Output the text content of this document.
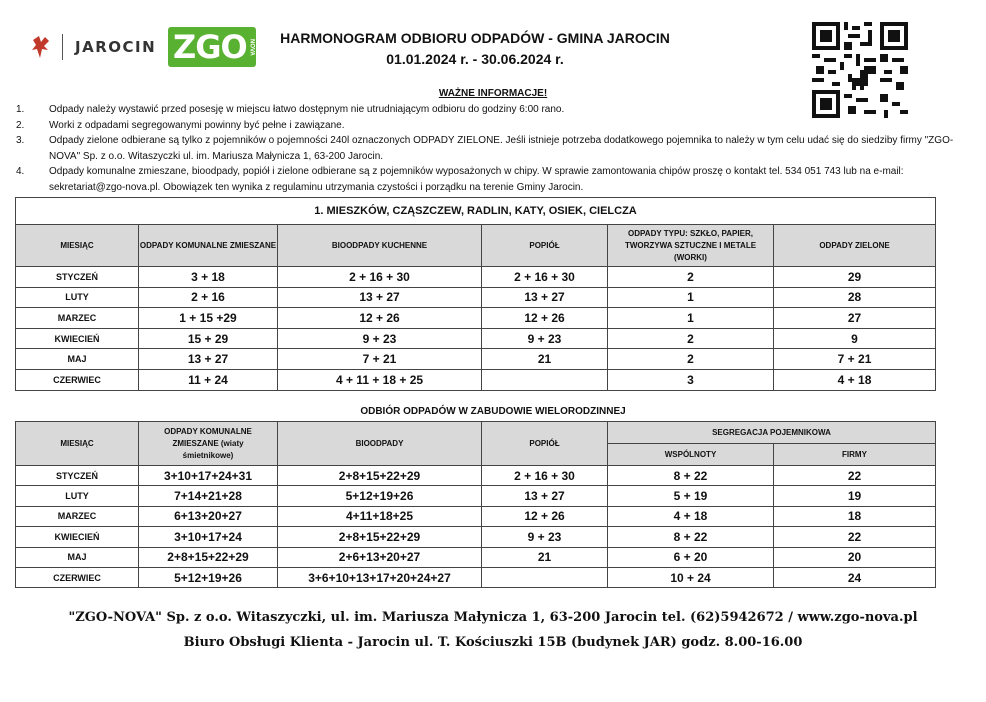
JAROCIN ZGO NOVA
HARMONOGRAM ODBIORU ODPADÓW - GMINA JAROCIN
01.01.2024 r. - 30.06.2024 r.
WAŻNE INFORMACJE!
1.	Odpady należy wystawić przed posesję w miejscu łatwo dostępnym nie utrudniającym odbioru do godziny 6:00 rano.
2.	Worki z odpadami segregowanymi powinny być pełne i zawiązane.
3.	Odpady zielone odbierane są tylko z pojemników o pojemności 240l oznaczonych ODPADY ZIELONE. Jeśli istnieje potrzeba dodatkowego pojemnika to należy w tym celu udać się do siedziby firmy "ZGO-NOVA" Sp. z o.o. Witaszyczki ul. im. Mariusza Małynicza 1, 63-200 Jarocin.
4.	Odpady komunalne zmieszane, bioodpady, popiół i zielone odbierane są z pojemników wyposażonych w chipy. W sprawie zamontowania chipów proszę o kontakt tel. 534 051 743 lub na e-mail: sekretariat@zgo-nova.pl. Obowiązek ten wynika z regulaminu utrzymania czystości i porządku na terenie Gminy Jarocin.
1. MIESZKÓW, CZĄSZCZEW, RADLIN, KATY, OSIEK, CIELCZA					
MIESIĄC	ODPADY KOMUNALNE ZMIESZANE	BIOODPADY KUCHENNE	POPIÓŁ	ODPADY TYPU: SZKŁO, PAPIER, TWORZYWA SZTUCZNE I METALE (WORKI)	ODPADY ZIELONE
STYCZEŃ	3 + 18	2 + 16 + 30	2 + 16 + 30	2	29
LUTY	2 + 16	13 + 27	13 + 27	1	28
MARZEC	1 + 15 +29	12 + 26	12 + 26	1	27
KWIECIEŃ	15 + 29	9 + 23	9 + 23	2	9
MAJ	13 + 27	7 + 21	21	2	7 + 21
CZERWIEC	11 + 24	4 + 11 + 18 + 25		3	4 + 18
ODBIÓR ODPADÓW W ZABUDOWIE WIELORODZINNEJ
MIESIĄC	ODPADY KOMUNALNE ZMIESZANE (wiaty śmietnikowe)	BIOODPADY	POPIÓŁ	SEGREGACJA POJEMNIKOWA	
				WSPÓLNOTY	FIRMY
STYCZEŃ	3+10+17+24+31	2+8+15+22+29	2 + 16 + 30	8 + 22	22
LUTY	7+14+21+28	5+12+19+26	13 + 27	5 + 19	19
MARZEC	6+13+20+27	4+11+18+25	12 + 26	4 + 18	18
KWIECIEŃ	3+10+17+24	2+8+15+22+29	9 + 23	8 + 22	22
MAJ	2+8+15+22+29	2+6+13+20+27	21	6 + 20	20
CZERWIEC	5+12+19+26	3+6+10+13+17+20+24+27		10 + 24	24
"ZGO-NOVA" Sp. z o.o. Witaszyczki, ul. im. Mariusza Małynicza 1, 63-200 Jarocin tel. (62)5942672 / www.zgo-nova.pl
Biuro Obsługi Klienta - Jarocin ul. T. Kościuszki 15B (budynek JAR) godz. 8.00-16.00
